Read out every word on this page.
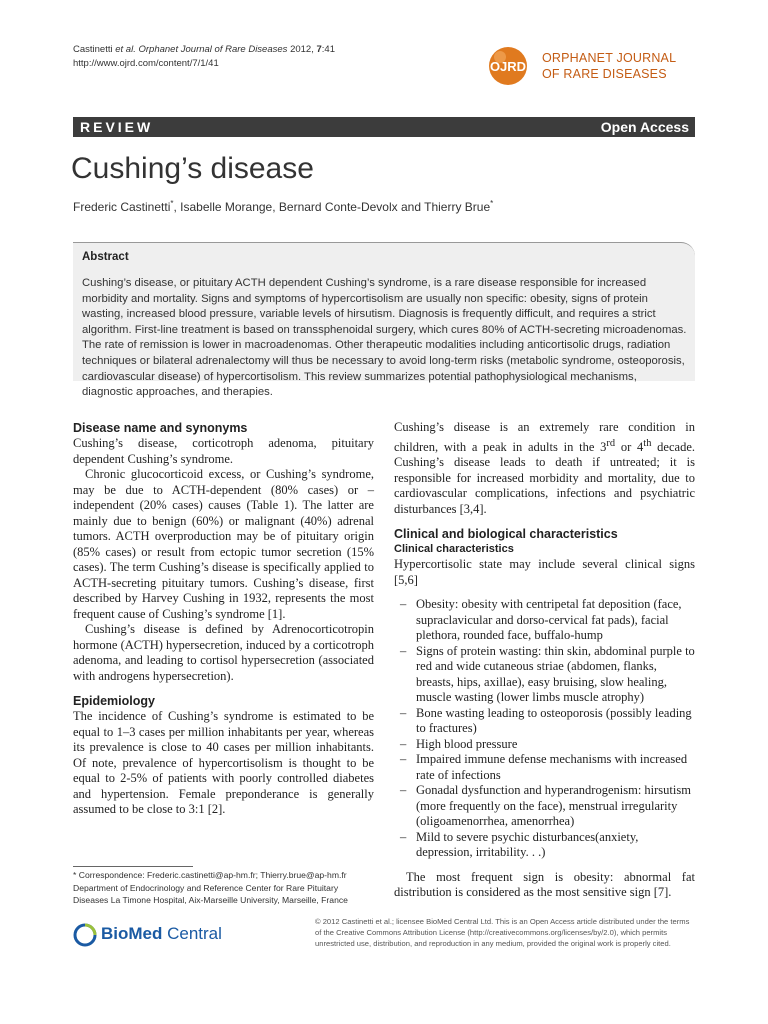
Castinetti et al. Orphanet Journal of Rare Diseases 2012, 7:41
http://www.ojrd.com/content/7/1/41	OJRD
ORPHANET JOURNAL
OF RARE DISEASES
REVIEW	Open Access
Cushing’s disease
Frederic Castinetti*, Isabelle Morange, Bernard Conte-Devolx and Thierry Brue*
Abstract
Cushing’s disease, or pituitary ACTH dependent Cushing’s syndrome, is a rare disease responsible for increased morbidity and mortality. Signs and symptoms of hypercortisolism are usually non specific: obesity, signs of protein wasting, increased blood pressure, variable levels of hirsutism. Diagnosis is frequently difficult, and requires a strict algorithm. First-line treatment is based on transsphenoidal surgery, which cures 80% of ACTH-secreting microadenomas. The rate of remission is lower in macroadenomas. Other therapeutic modalities including anticortisolic drugs, radiation techniques or bilateral adrenalectomy will thus be necessary to avoid long-term risks (metabolic syndrome, osteoporosis, cardiovascular disease) of hypercortisolism. This review summarizes potential pathophysiological mechanisms, diagnostic approaches, and therapies.
Disease name and synonyms

Cushing’s disease, corticotroph adenoma, pituitary dependent Cushing’s syndrome.

Chronic glucocorticoid excess, or Cushing’s syndrome, may be due to ACTH-dependent (80% cases) or –independent (20% cases) causes (Table 1). The latter are mainly due to benign (60%) or malignant (40%) adrenal tumors. ACTH overproduction may be of pituitary origin (85% cases) or result from ectopic tumor secretion (15% cases). The term Cushing’s disease is specifically applied to ACTH-secreting pituitary tumors. Cushing’s disease, first described by Harvey Cushing in 1932, represents the most frequent cause of Cushing’s syndrome [1].

Cushing’s disease is defined by Adrenocorticotropin hormone (ACTH) hypersecretion, induced by a corticotroph adenoma, and leading to cortisol hypersecretion (associated with androgens hypersecretion).

Epidemiology

The incidence of Cushing’s syndrome is estimated to be equal to 1–3 cases per million inhabitants per year, whereas its prevalence is close to 40 cases per million inhabitants. Of note, prevalence of hypercortisolism is thought to be equal to 2-5% of patients with poorly controlled diabetes and hypertension. Female preponderance is generally assumed to be close to 3:1 [2].

Cushing’s disease is an extremely rare condition in children, with a peak in adults in the 3rd or 4th decade. Cushing’s disease leads to death if untreated; it is responsible for increased morbidity and mortality, due to cardiovascular complications, infections and psychiatric disturbances [3,4].

Clinical and biological characteristics
Clinical characteristics

Hypercortisolic state may include several clinical signs [5,6]

– Obesity: obesity with centripetal fat deposition (face, supraclavicular and dorso-cervical fat pads), facial plethora, rounded face, buffalo-hump
– Signs of protein wasting: thin skin, abdominal purple to red and wide cutaneous striae (abdomen, flanks, breasts, hips, axillae), easy bruising, slow healing, muscle wasting (lower limbs muscle atrophy)
– Bone wasting leading to osteoporosis (possibly leading to fractures)
– High blood pressure
– Impaired immune defense mechanisms with increased rate of infections
– Gonadal dysfunction and hyperandrogenism: hirsutism (more frequently on the face), menstrual irregularity (oligoamenorrhea, amenorrhea)
– Mild to severe psychic disturbances(anxiety, depression, irritability. . .)

The most frequent sign is obesity: abnormal fat distribution is considered as the most sensitive sign [7].

* Correspondence: Frederic.castinetti@ap-hm.fr; Thierry.brue@ap-hm.fr
Department of Endocrinology and Reference Center for Rare Pituitary Diseases La Timone Hospital, Aix-Marseille University, Marseille, France
BioMed Central
© 2012 Castinetti et al.; licensee BioMed Central Ltd. This is an Open Access article distributed under the terms of the Creative Commons Attribution License (http://creativecommons.org/licenses/by/2.0), which permits unrestricted use, distribution, and reproduction in any medium, provided the original work is properly cited.
